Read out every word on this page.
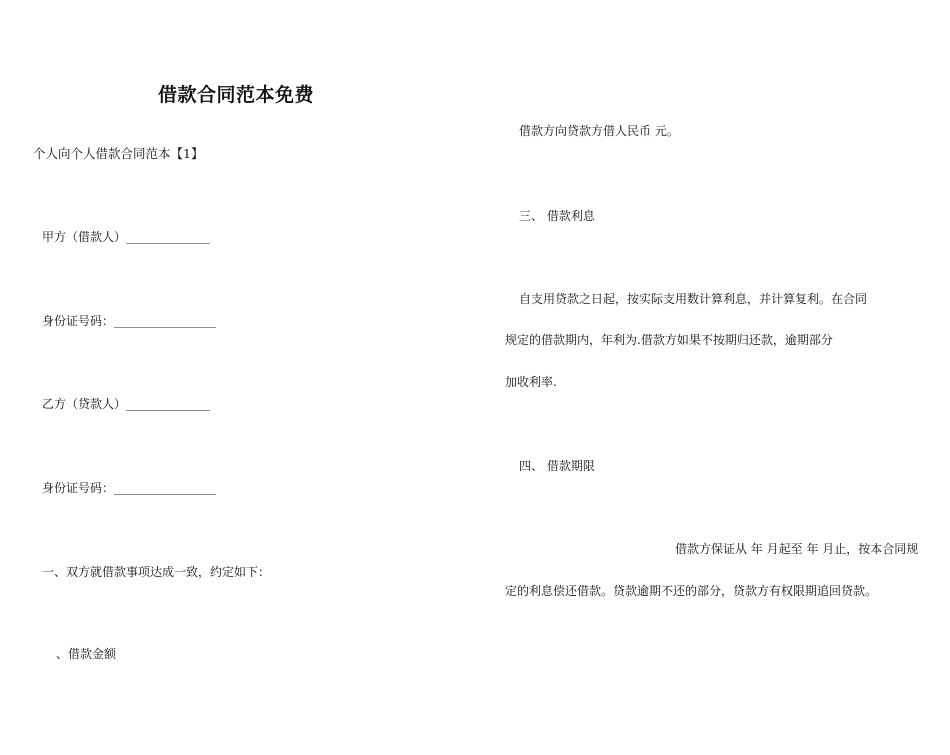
借款合同范本免费
个人向个人借款合同范本【1】
甲方（借款人）______________
身份证号码：_________________
乙方（贷款人）______________
身份证号码：_________________
一、双方就借款事项达成一致，约定如下：
、借款金额
借款方向贷款方借人民币 元。
三、 借款利息
自支用贷款之日起，按实际支用数计算利息，并计算复利。在合同
规定的借款期内，年利为.借款方如果不按期归还款，逾期部分
加收利率.
四、 借款期限
借款方保证从 年 月起至 年 月止，按本合同规
定的利息偿还借款。贷款逾期不还的部分，贷款方有权限期追回贷款。
